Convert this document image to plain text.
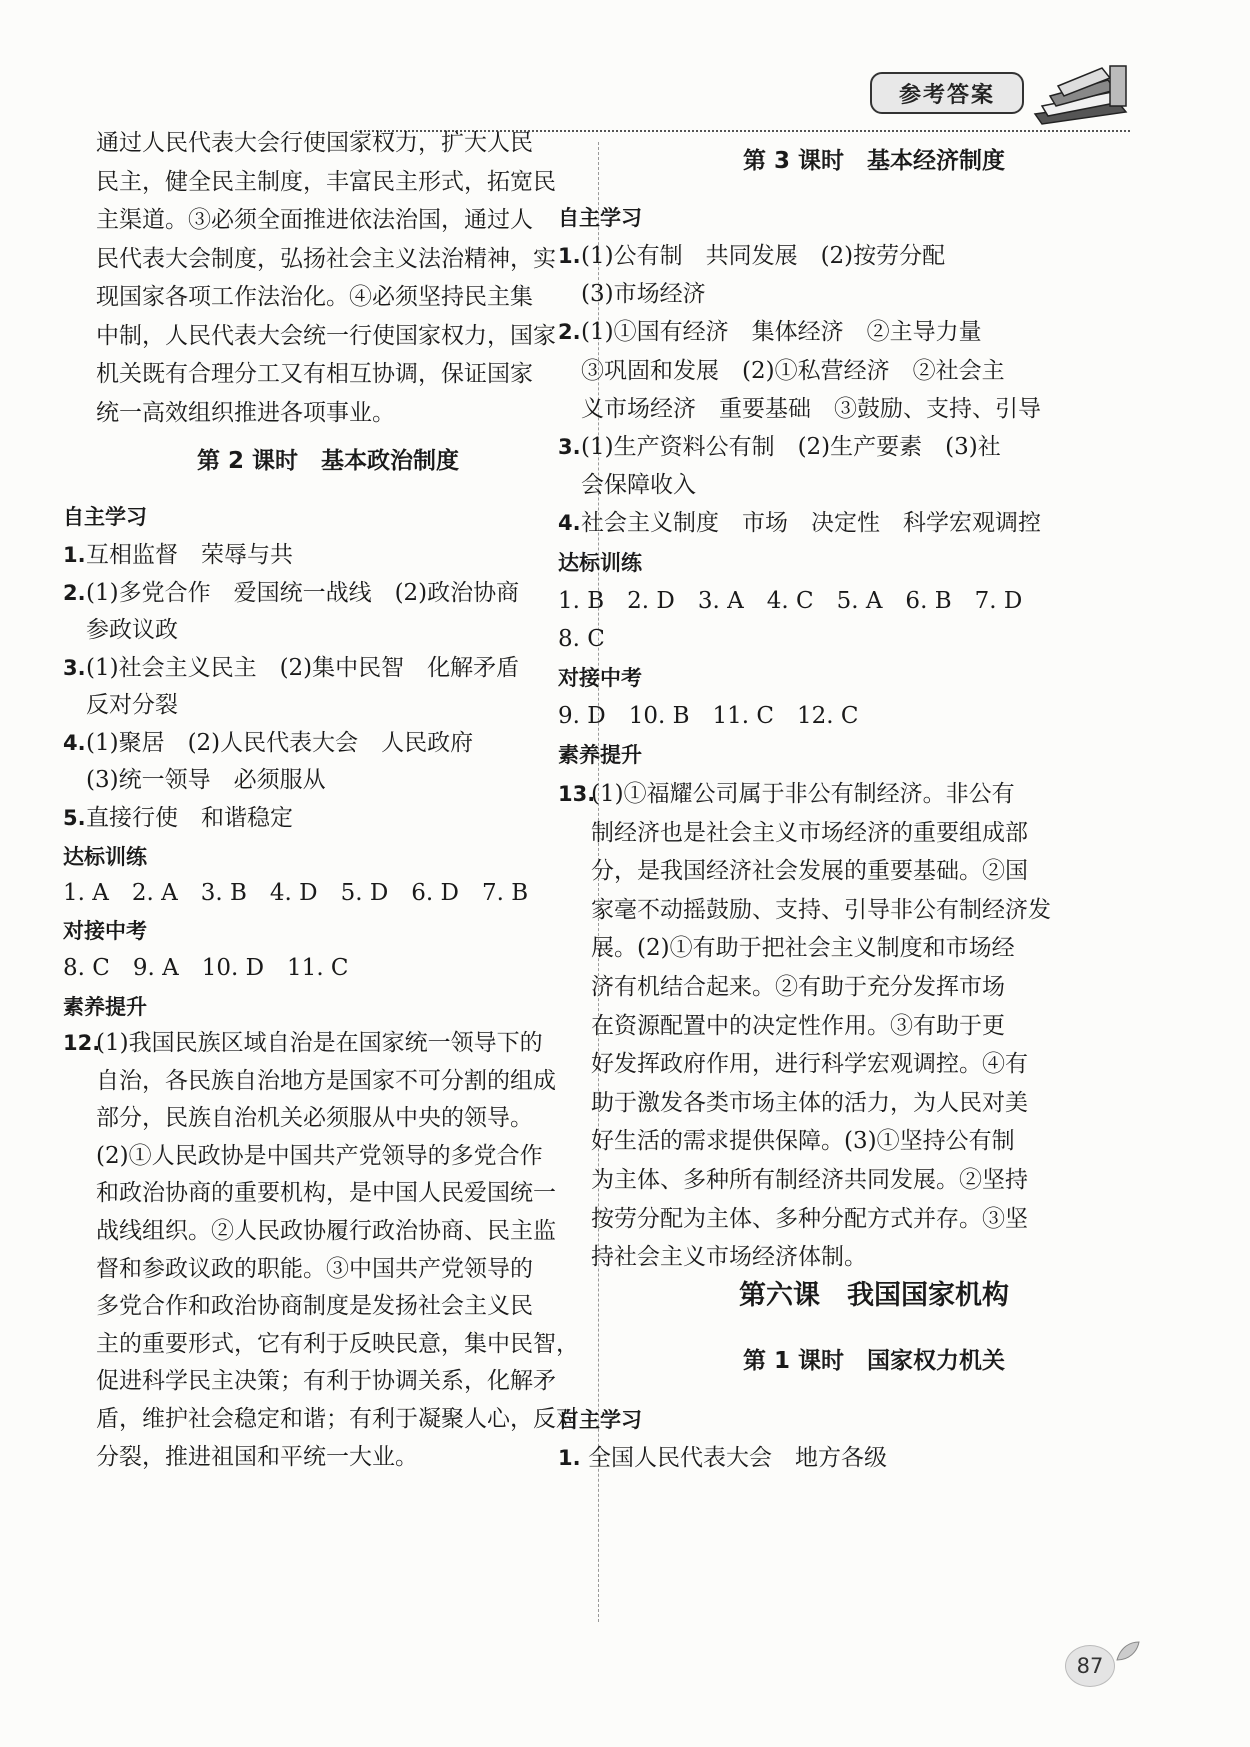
参考答案
通过人民代表大会行使国家权力，扩大人民
民主，健全民主制度，丰富民主形式，拓宽民
主渠道。③必须全面推进依法治国，通过人
民代表大会制度，弘扬社会主义法治精神，实
现国家各项工作法治化。④必须坚持民主集
中制，人民代表大会统一行使国家权力，国家
机关既有合理分工又有相互协调，保证国家
统一高效组织推进各项事业。
第 2 课时　基本政治制度
自主学习
1. 互相监督　荣辱与共
2. (1)多党合作　爱国统一战线　(2)政治协商
参政议政
3. (1)社会主义民主　(2)集中民智　化解矛盾
反对分裂
4. (1)聚居　(2)人民代表大会　人民政府
(3)统一领导　必须服从
5. 直接行使　和谐稳定
达标训练
1. A　2. A　3. B　4. D　5. D　6. D　7. B
对接中考
8. C　9. A　10. D　11. C
素养提升
12.
(1)我国民族区域自治是在国家统一领导下的
自治，各民族自治地方是国家不可分割的组成
部分，民族自治机关必须服从中央的领导。
(2)①人民政协是中国共产党领导的多党合作
和政治协商的重要机构，是中国人民爱国统一
战线组织。②人民政协履行政治协商、民主监
督和参政议政的职能。③中国共产党领导的
多党合作和政治协商制度是发扬社会主义民
主的重要形式，它有利于反映民意，集中民智，
促进科学民主决策；有利于协调关系，化解矛
盾，维护社会稳定和谐；有利于凝聚人心，反对
分裂，推进祖国和平统一大业。
第 3 课时　基本经济制度
自主学习
1. (1)公有制　共同发展　(2)按劳分配
(3)市场经济
2. (1)①国有经济　集体经济　②主导力量
③巩固和发展　(2)①私营经济　②社会主
义市场经济　重要基础　③鼓励、支持、引导
3. (1)生产资料公有制　(2)生产要素　(3)社
会保障收入
4. 社会主义制度　市场　决定性　科学宏观调控
达标训练
1. B　2. D　3. A　4. C　5. A　6. B　7. D
8. C
对接中考
9. D　10. B　11. C　12. C
素养提升
13.
(1)①福耀公司属于非公有制经济。非公有
制经济也是社会主义市场经济的重要组成部
分，是我国经济社会发展的重要基础。②国
家毫不动摇鼓励、支持、引导非公有制经济发
展。(2)①有助于把社会主义制度和市场经
济有机结合起来。②有助于充分发挥市场
在资源配置中的决定性作用。③有助于更
好发挥政府作用，进行科学宏观调控。④有
助于激发各类市场主体的活力，为人民对美
好生活的需求提供保障。(3)①坚持公有制
为主体、多种所有制经济共同发展。②坚持
按劳分配为主体、多种分配方式并存。③坚
持社会主义市场经济体制。
第六课　我国国家机构
第 1 课时　国家权力机关
自主学习
1. 全国人民代表大会　地方各级
87
